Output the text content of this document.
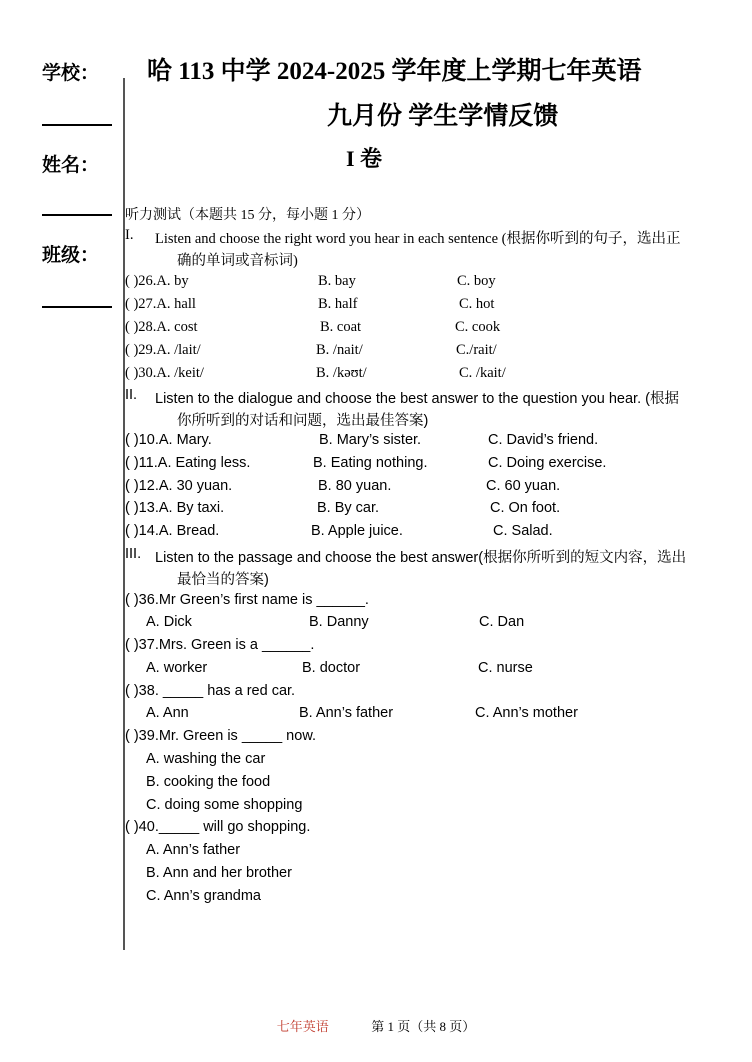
学校：
姓名：
班级：
哈 113 中学 2024-2025 学年度上学期七年英语
九月份 学生学情反馈
I 卷
听力测试（本题共 15 分，每小题 1 分）
I. Listen and choose the right word you hear in each sentence (根据你听到的句子，选出正
确的单词或音标词)
( )26.A. by	B. bay	C. boy
( )27.A. hall	B. half	C. hot
( )28.A. cost	B. coat	C. cook
( )29.A. /lait/	B. /nait/	C./rait/
( )30.A. /keit/	B. /kəʊt/	C. /kait/
II. Listen to the dialogue and choose the best answer to the question you hear. (根据
你所听到的对话和问题，选出最佳答案)
( )10.A. Mary.	B. Mary’s sister.	C. David’s friend.
( )11.A. Eating less.	B. Eating nothing.	C. Doing exercise.
( )12.A. 30 yuan.	B. 80 yuan.	C. 60 yuan.
( )13.A. By taxi.	B. By car.	C. On foot.
( )14.A. Bread.	B. Apple juice.	C. Salad.
III. Listen to the passage and choose the best answer(根据你所听到的短文内容，选出
最恰当的答案)
( )36.Mr Green’s first name is ______.
A. Dick	B. Danny	C. Dan
( )37.Mrs. Green is a ______.
A. worker	B. doctor	C. nurse
( )38. _____ has a red car.
A. Ann	B. Ann’s father	C. Ann’s mother
( )39.Mr. Green is _____ now.
A. washing the car
B. cooking the food
C. doing some shopping
( )40._____ will go shopping.
A. Ann’s father
B. Ann and her brother
C. Ann’s grandma
七年英语	第 1 页（共 8 页）
